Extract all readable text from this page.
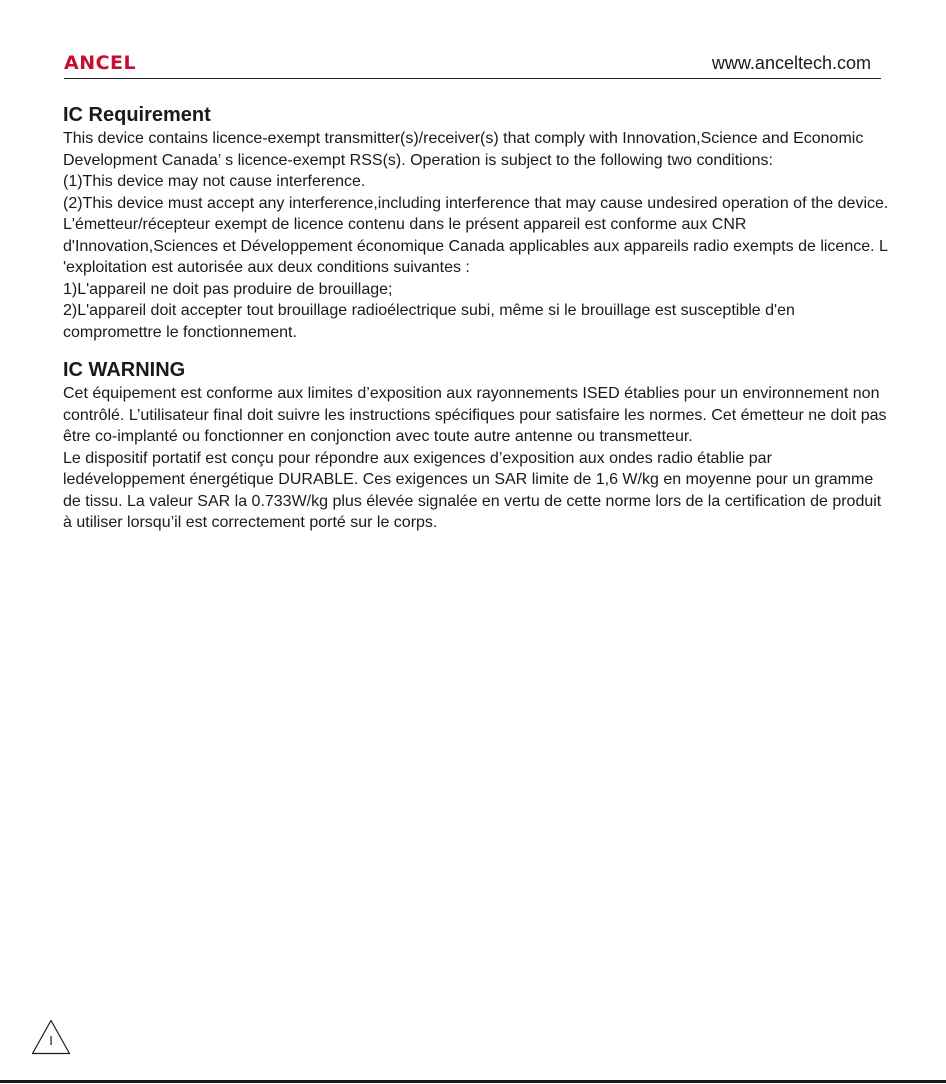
ANCEL	www.anceltech.com
IC Requirement

This device contains licence-exempt transmitter(s)/receiver(s) that comply with Innovation,Science and Economic Development Canada’ s licence-exempt RSS(s). Operation is subject to the following two conditions:

(1)This device may not cause interference.

(2)This device must accept any interference,including interference that may cause undesired operation of the device.

L'émetteur/récepteur exempt de licence contenu dans le présent appareil est conforme aux CNR d'Innovation,Sciences et Développement économique Canada applicables aux appareils radio exempts de licence. L 'exploitation est autorisée aux deux conditions suivantes :

1)L'appareil ne doit pas produire de brouillage;

2)L'appareil doit accepter tout brouillage radioélectrique subi, même si le brouillage est susceptible d'en compromettre le fonctionnement.

IC WARNING

Cet équipement est conforme aux limites d’exposition aux rayonnements ISED établies pour un environnement non contrôlé. L’utilisateur final doit suivre les instructions spécifiques pour satisfaire les normes. Cet émetteur ne doit pas être co-implanté ou fonctionner en conjonction avec toute autre antenne ou transmetteur.

Le dispositif portatif est conçu pour répondre aux exigences d’exposition aux ondes radio établie par ledéveloppement énergétique DURABLE. Ces exigences un SAR limite de 1,6 W/kg en moyenne pour un gramme de tissu. La valeur SAR la 0.733W/kg plus élevée signalée en vertu de cette norme lors de la certification de produit à utiliser lorsqu’il est correctement porté sur le corps.

I
